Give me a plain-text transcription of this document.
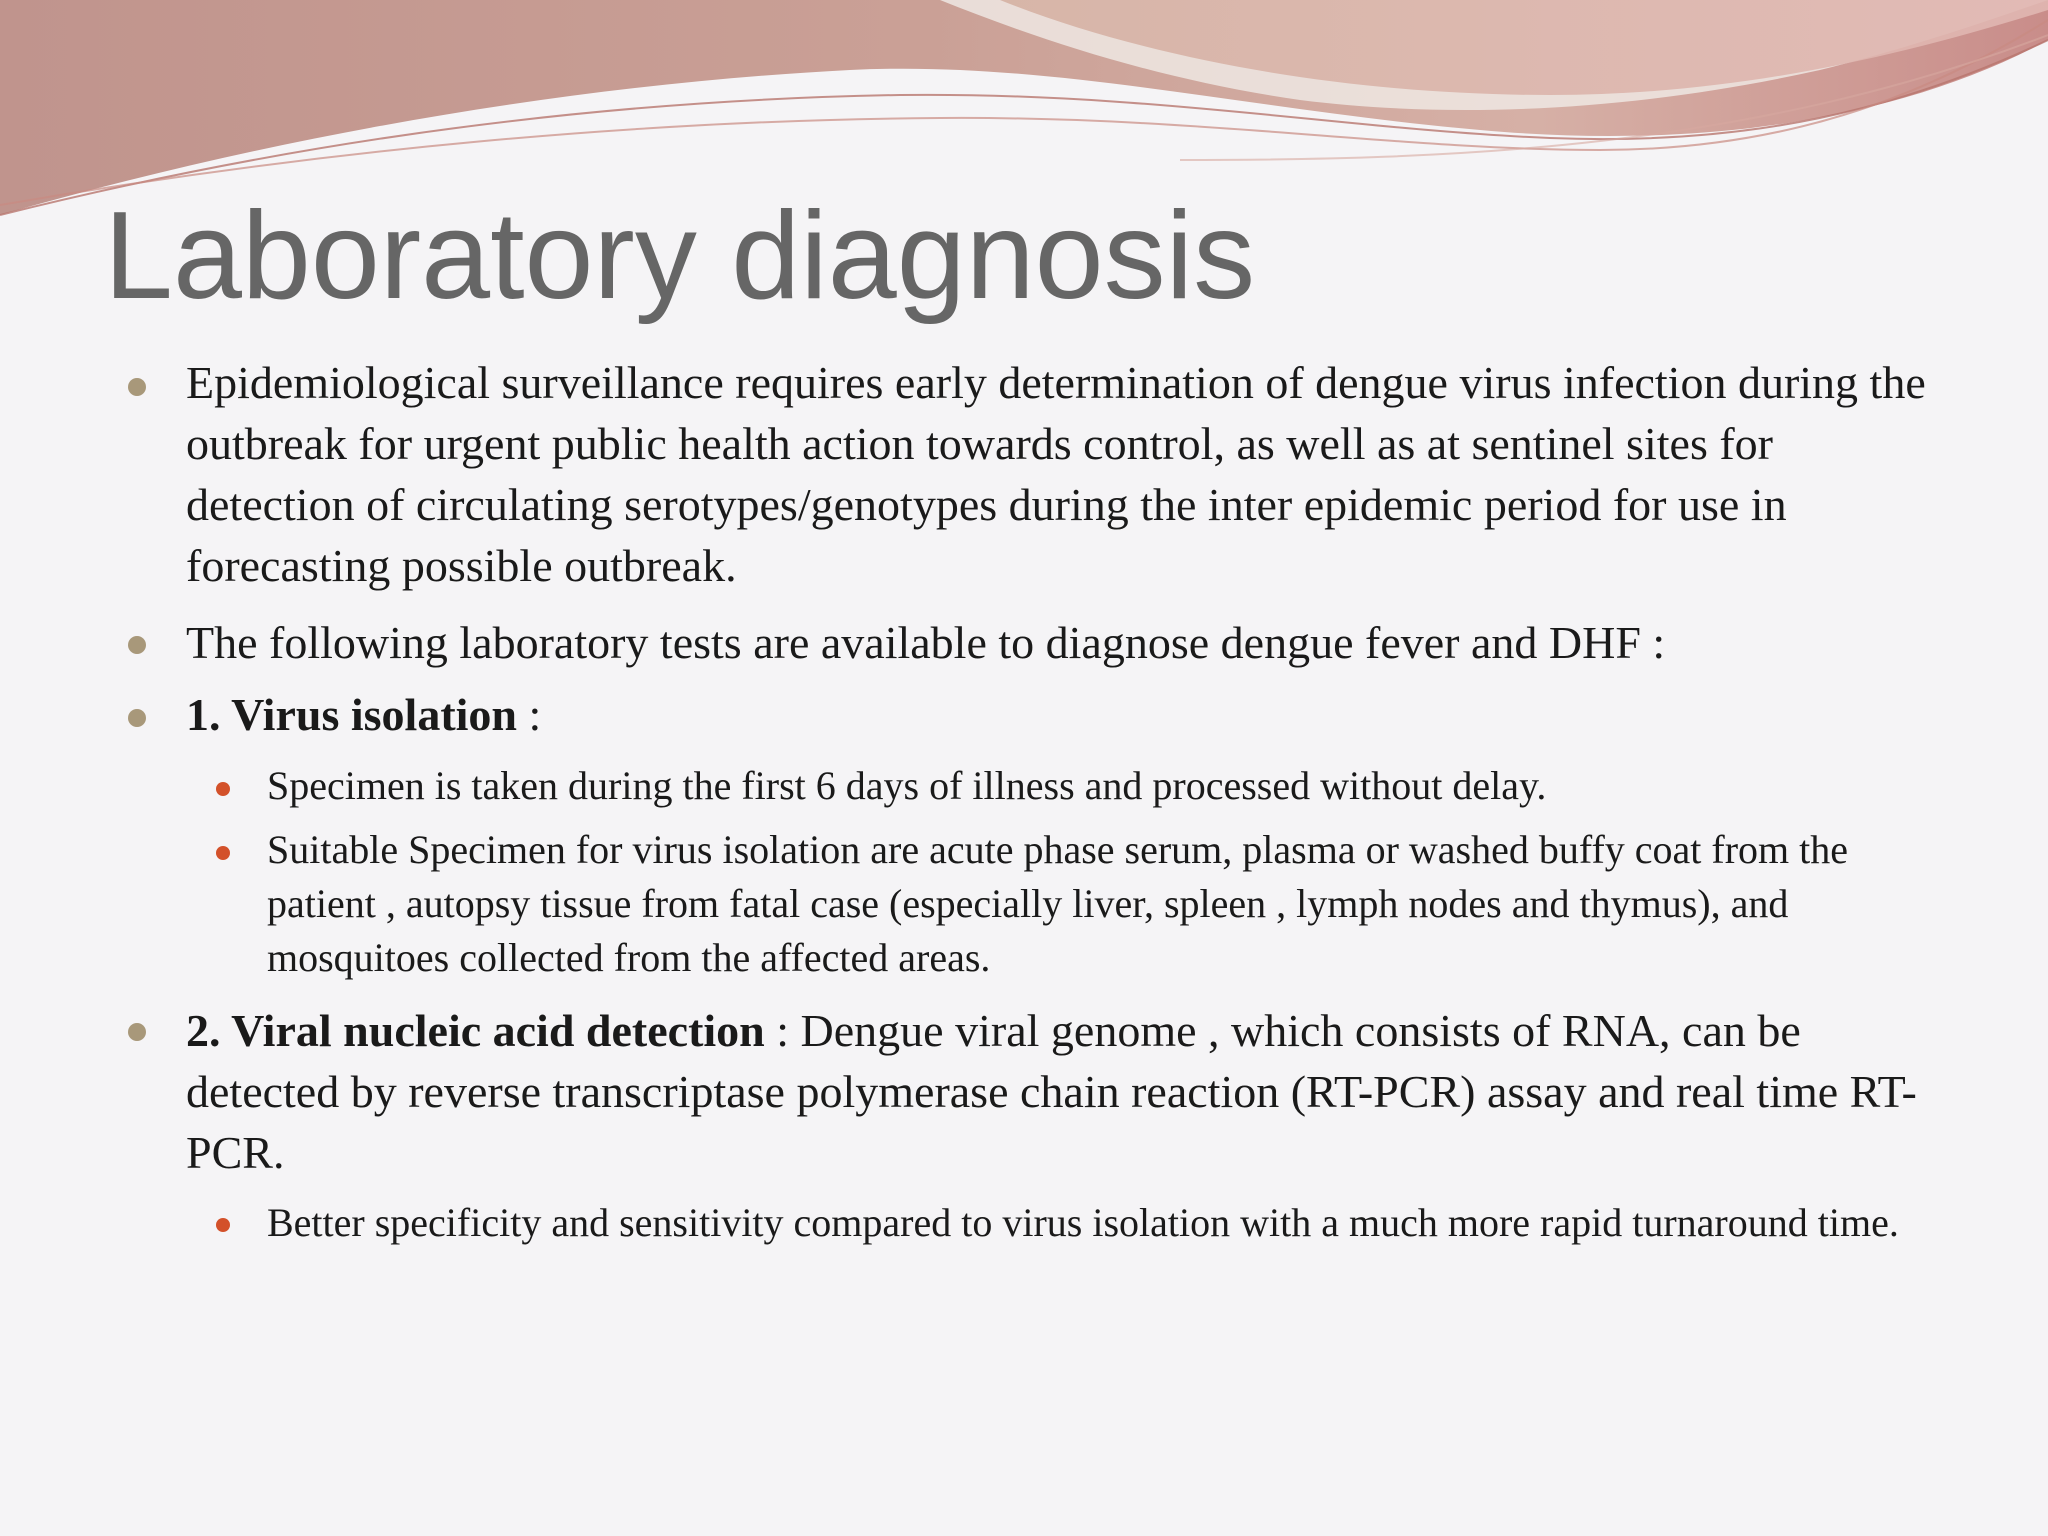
Laboratory diagnosis
Epidemiological surveillance requires early determination of dengue virus infection during the outbreak for urgent public health action towards control, as well as at sentinel sites for detection of circulating serotypes/genotypes during the inter epidemic period for use in forecasting possible outbreak.
The following laboratory tests are available to diagnose dengue fever and DHF :
1. Virus isolation :
Specimen is taken during the first 6 days of illness and processed without delay.
Suitable Specimen for virus isolation are acute phase serum, plasma or washed buffy coat from the patient , autopsy tissue from fatal case (especially liver, spleen , lymph nodes and thymus), and mosquitoes collected from the affected areas.
2. Viral nucleic acid detection : Dengue viral genome , which consists of RNA, can be detected by reverse transcriptase polymerase chain reaction (RT-PCR) assay and real time RT-PCR.
Better specificity and sensitivity compared to virus isolation with a much more rapid turnaround time.
